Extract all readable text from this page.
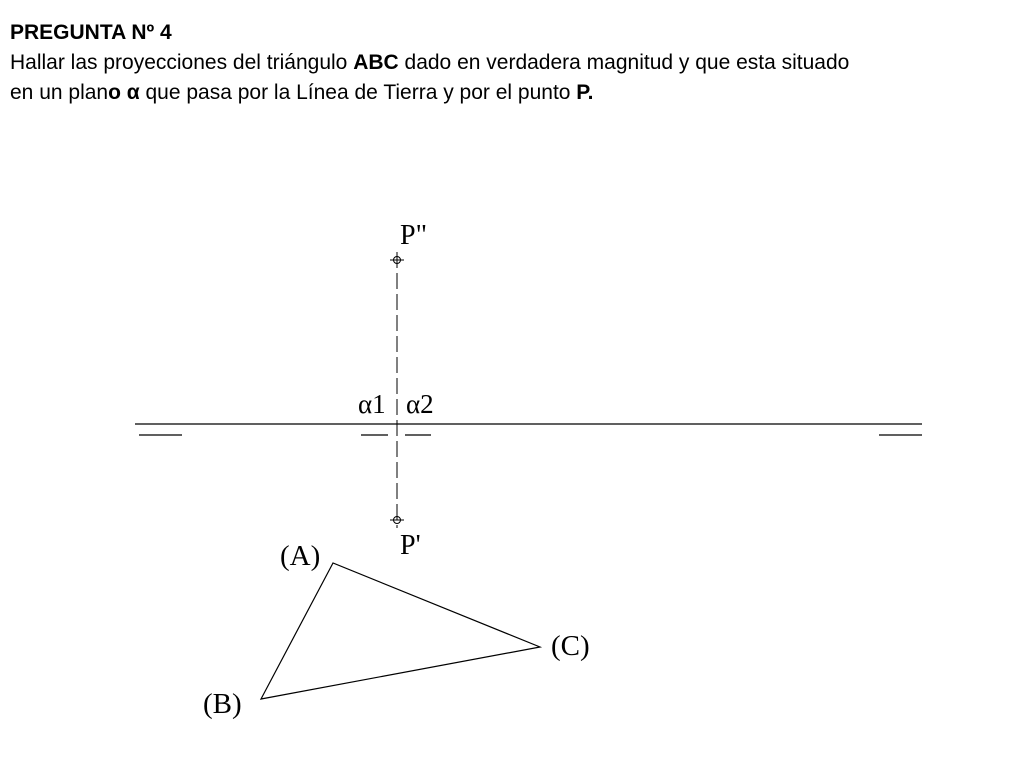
PREGUNTA Nº 4
Hallar las proyecciones del triángulo ABC dado en verdadera magnitud y que esta situado
en un plano α que pasa por la Línea de Tierra y por el punto P.
P"
P'
α1 α2
(A)
(B)
(C)
